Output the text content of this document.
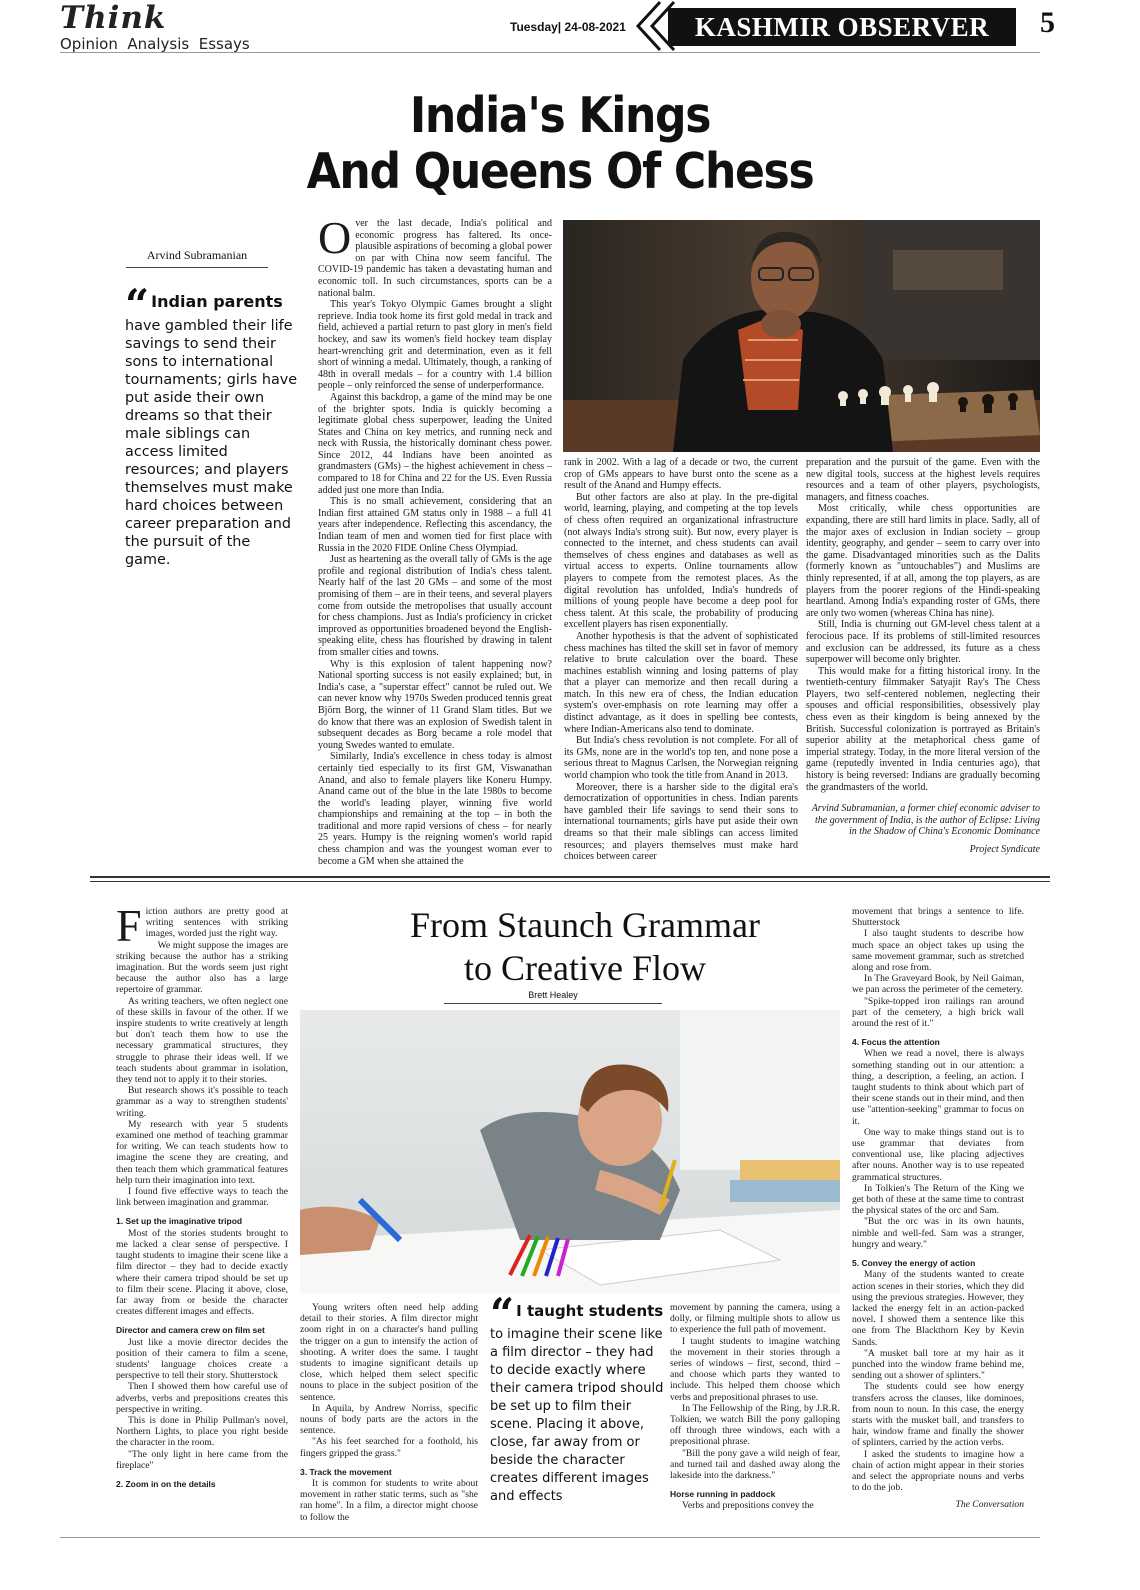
Think
Opinion  Analysis  Essays
Tuesday| 24-08-2021	KASHMIR OBSERVER	5
India's Kings
And Queens Of Chess
Arvind Subramanian
“ Indian parents have gambled their life savings to send their sons to international tournaments; girls have put aside their own dreams so that their male siblings can access limited resources; and players themselves must make hard choices between career preparation and the pursuit of the game.

Over the last decade, India's political and economic progress has faltered. Its once-plausible aspirations of becoming a global power on par with China now seem fanciful. The COVID-19 pandemic has taken a devastating human and economic toll. In such circumstances, sports can be a national balm.

This year's Tokyo Olympic Games brought a slight reprieve. India took home its first gold medal in track and field, achieved a partial return to past glory in men's field hockey, and saw its women's field hockey team display heart-wrenching grit and determination, even as it fell short of winning a medal. Ultimately, though, a ranking of 48th in overall medals – for a country with 1.4 billion people – only reinforced the sense of underperformance.

Against this backdrop, a game of the mind may be one of the brighter spots. India is quickly becoming a legitimate global chess superpower, leading the United States and China on key metrics, and running neck and neck with Russia, the historically dominant chess power. Since 2012, 44 Indians have been anointed as grandmasters (GMs) – the highest achievement in chess – compared to 18 for China and 22 for the US. Even Russia added just one more than India.

This is no small achievement, considering that an Indian first attained GM status only in 1988 – a full 41 years after independence. Reflecting this ascendancy, the Indian team of men and women tied for first place with Russia in the 2020 FIDE Online Chess Olympiad.

Just as heartening as the overall tally of GMs is the age profile and regional distribution of India's chess talent. Nearly half of the last 20 GMs – and some of the most promising of them – are in their teens, and several players come from outside the metropolises that usually account for chess champions. Just as India's proficiency in cricket improved as opportunities broadened beyond the English-speaking elite, chess has flourished by drawing in talent from smaller cities and towns.

Why is this explosion of talent happening now? National sporting success is not easily explained; but, in India's case, a "superstar effect" cannot be ruled out. We can never know why 1970s Sweden produced tennis great Björn Borg, the winner of 11 Grand Slam titles. But we do know that there was an explosion of Swedish talent in subsequent decades as Borg became a role model that young Swedes wanted to emulate.

Similarly, India's excellence in chess today is almost certainly tied especially to its first GM, Viswanathan Anand, and also to female players like Koneru Humpy. Anand came out of the blue in the late 1980s to become the world's leading player, winning five world championships and remaining at the top – in both the traditional and more rapid versions of chess – for nearly 25 years. Humpy is the reigning women's world rapid chess champion and was the youngest woman ever to become a GM when she attained the

rank in 2002. With a lag of a decade or two, the current crop of GMs appears to have burst onto the scene as a result of the Anand and Humpy effects.

But other factors are also at play. In the pre-digital world, learning, playing, and competing at the top levels of chess often required an organizational infrastructure (not always India's strong suit). But now, every player is connected to the internet, and chess students can avail themselves of chess engines and databases as well as virtual access to experts. Online tournaments allow players to compete from the remotest places. As the digital revolution has unfolded, India's hundreds of millions of young people have become a deep pool for chess talent. At this scale, the probability of producing excellent players has risen exponentially.

Another hypothesis is that the advent of sophisticated chess machines has tilted the skill set in favor of memory relative to brute calculation over the board. These machines establish winning and losing patterns of play that a player can memorize and then recall during a match. In this new era of chess, the Indian education system's over-emphasis on rote learning may offer a distinct advantage, as it does in spelling bee contests, where Indian-Americans also tend to dominate.

But India's chess revolution is not complete. For all of its GMs, none are in the world's top ten, and none pose a serious threat to Magnus Carlsen, the Norwegian reigning world champion who took the title from Anand in 2013.

Moreover, there is a harsher side to the digital era's democratization of opportunities in chess. Indian parents have gambled their life savings to send their sons to international tournaments; girls have put aside their own dreams so that their male siblings can access limited resources; and players themselves must make hard choices between career

preparation and the pursuit of the game. Even with the new digital tools, success at the highest levels requires resources and a team of other players, psychologists, managers, and fitness coaches.

Most critically, while chess opportunities are expanding, there are still hard limits in place. Sadly, all of the major axes of exclusion in Indian society – group identity, geography, and gender – seem to carry over into the game. Disadvantaged minorities such as the Dalits (formerly known as "untouchables") and Muslims are thinly represented, if at all, among the top players, as are players from the poorer regions of the Hindi-speaking heartland. Among India's expanding roster of GMs, there are only two women (whereas China has nine).

Still, India is churning out GM-level chess talent at a ferocious pace. If its problems of still-limited resources and exclusion can be addressed, its future as a chess superpower will become only brighter.

This would make for a fitting historical irony. In the twentieth-century filmmaker Satyajit Ray's The Chess Players, two self-centered noblemen, neglecting their spouses and official responsibilities, obsessively play chess even as their kingdom is being annexed by the British. Successful colonization is portrayed as Britain's superior ability at the metaphorical chess game of imperial strategy. Today, in the more literal version of the game (reputedly invented in India centuries ago), that history is being reversed: Indians are gradually becoming the grandmasters of the world.

Arvind Subramanian, a former chief economic adviser to the government of India, is the author of Eclipse: Living in the Shadow of China's Economic Dominance

Project Syndicate

From Staunch Grammar
to Creative Flow
Brett Healey

Fiction authors are pretty good at writing sentences with striking images, worded just the right way.

We might suppose the images are striking because the author has a striking imagination. But the words seem just right because the author also has a large repertoire of grammar.

As writing teachers, we often neglect one of these skills in favour of the other. If we inspire students to write creatively at length but don't teach them how to use the necessary grammatical structures, they struggle to phrase their ideas well. If we teach students about grammar in isolation, they tend not to apply it to their stories.

But research shows it's possible to teach grammar as a way to strengthen students' writing.

My research with year 5 students examined one method of teaching grammar for writing. We can teach students how to imagine the scene they are creating, and then teach them which grammatical features help turn their imagination into text.

I found five effective ways to teach the link between imagination and grammar.

1. Set up the imaginative tripod

Most of the stories students brought to me lacked a clear sense of perspective. I taught students to imagine their scene like a film director – they had to decide exactly where their camera tripod should be set up to film their scene. Placing it above, close, far away from or beside the character creates different images and effects.

Director and camera crew on film set

Just like a movie director decides the position of their camera to film a scene, students' language choices create a perspective to tell their story. Shutterstock

Then I showed them how careful use of adverbs, verbs and prepositions creates this perspective in writing.

This is done in Philip Pullman's novel, Northern Lights, to place you right beside the character in the room.

"The only light in here came from the fireplace"

2. Zoom in on the details

Young writers often need help adding detail to their stories. A film director might zoom right in on a character's hand pulling the trigger on a gun to intensify the action of shooting. A writer does the same. I taught students to imagine significant details up close, which helped them select specific nouns to place in the subject position of the sentence.

In Aquila, by Andrew Norriss, specific nouns of body parts are the actors in the sentence.

"As his feet searched for a foothold, his fingers gripped the grass."

3. Track the movement

It is common for students to write about movement in rather static terms, such as "she ran home". In a film, a director might choose to follow the

“ I taught students to imagine their scene like a film director – they had to decide exactly where their camera tripod should be set up to film their scene. Placing it above, close, far away from or beside the character creates different images and effects

movement by panning the camera, using a dolly, or filming multiple shots to allow us to experience the full path of movement.

I taught students to imagine watching the movement in their stories through a series of windows – first, second, third – and choose which parts they wanted to include. This helped them choose which verbs and prepositional phrases to use.

In The Fellowship of the Ring, by J.R.R. Tolkien, we watch Bill the pony galloping off through three windows, each with a prepositional phrase.

"Bill the pony gave a wild neigh of fear, and turned tail and dashed away along the lakeside into the darkness."

Horse running in paddock

Verbs and prepositions convey the

movement that brings a sentence to life. Shutterstock

I also taught students to describe how much space an object takes up using the same movement grammar, such as stretched along and rose from.

In The Graveyard Book, by Neil Gaiman, we pan across the perimeter of the cemetery.

"Spike-topped iron railings ran around part of the cemetery, a high brick wall around the rest of it."

4. Focus the attention

When we read a novel, there is always something standing out in our attention: a thing, a description, a feeling, an action. I taught students to think about which part of their scene stands out in their mind, and then use "attention-seeking" grammar to focus on it.

One way to make things stand out is to use grammar that deviates from conventional use, like placing adjectives after nouns. Another way is to use repeated grammatical structures.

In Tolkien's The Return of the King we get both of these at the same time to contrast the physical states of the orc and Sam.

"But the orc was in its own haunts, nimble and well-fed. Sam was a stranger, hungry and weary."

5. Convey the energy of action

Many of the students wanted to create action scenes in their stories, which they did using the previous strategies. However, they lacked the energy felt in an action-packed novel. I showed them a sentence like this one from The Blackthorn Key by Kevin Sands.

"A musket ball tore at my hair as it punched into the window frame behind me, sending out a shower of splinters."

The students could see how energy transfers across the clauses, like dominoes, from noun to noun. In this case, the energy starts with the musket ball, and transfers to hair, window frame and finally the shower of splinters, carried by the action verbs.

I asked the students to imagine how a chain of action might appear in their stories and select the appropriate nouns and verbs to do the job.

The Conversation
